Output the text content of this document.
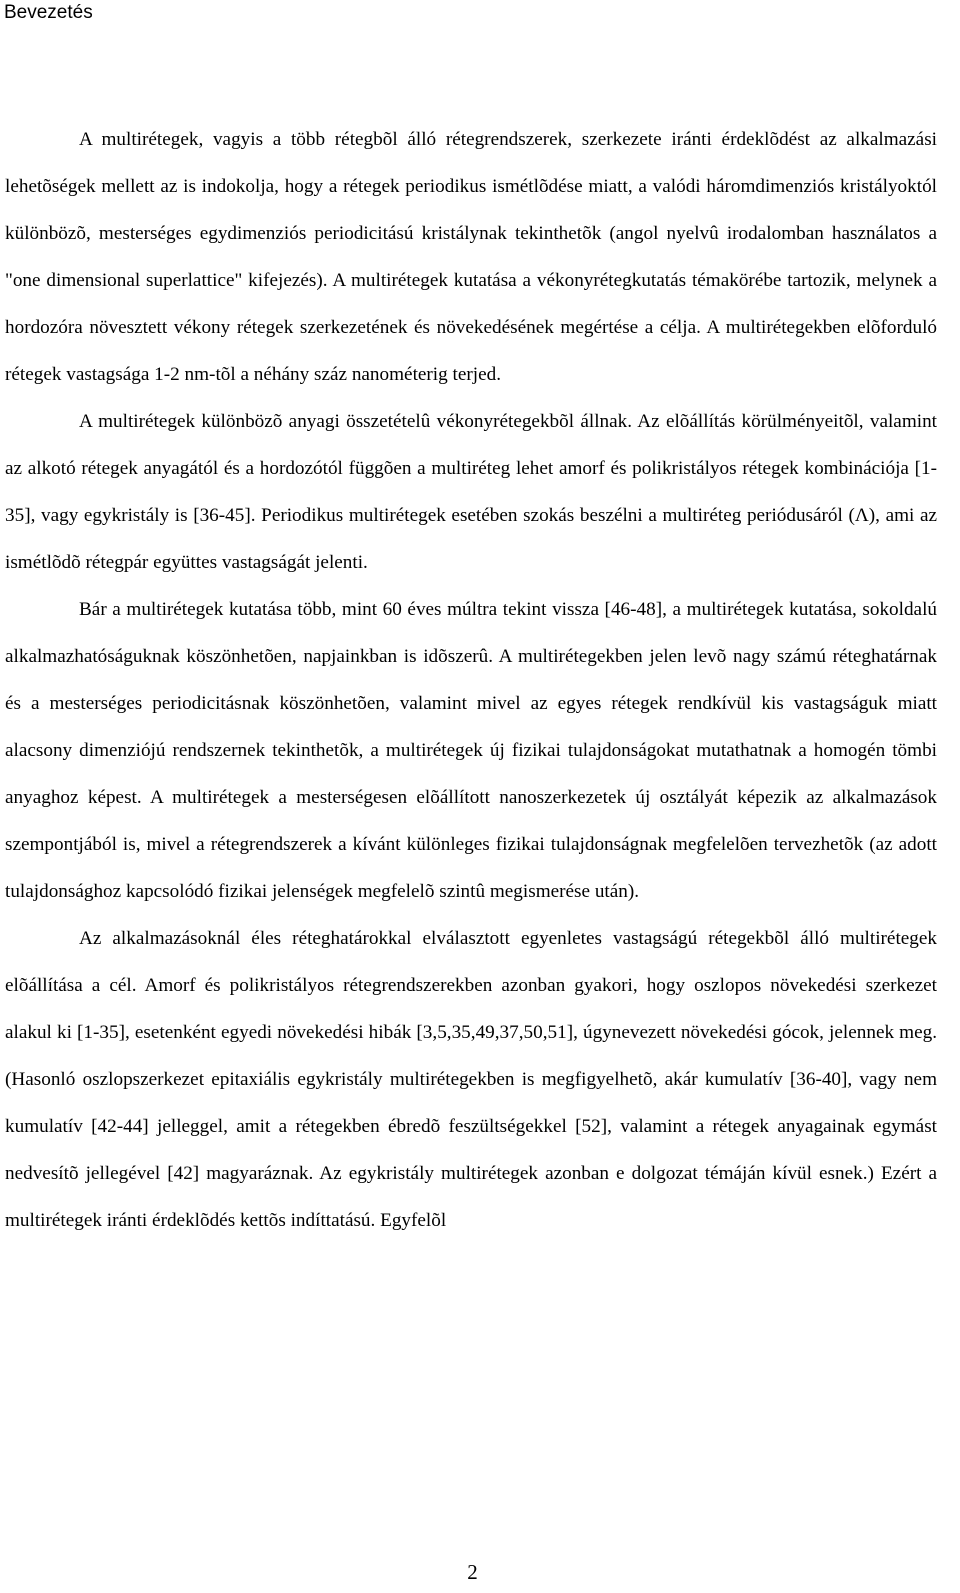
Bevezetés

A multirétegek, vagyis a több rétegbõl álló rétegrendszerek, szerkezete iránti érdeklõdést az alkalmazási lehetõségek mellett az is indokolja, hogy a rétegek periodikus ismétlõdése miatt, a valódi háromdimenziós kristályoktól különbözõ, mesterséges egydimenziós periodicitású kristálynak tekinthetõk (angol nyelvû irodalomban használatos a "one dimensional superlattice" kifejezés). A multirétegek kutatása a vékonyrétegkutatás témakörébe tartozik, melynek a hordozóra növesztett vékony rétegek szerkezetének és növekedésének megértése a célja. A multirétegekben elõforduló rétegek vastagsága 1-2 nm-tõl a néhány száz nanométerig terjed.

A multirétegek különbözõ anyagi összetételû vékonyrétegekbõl állnak. Az elõállítás körülményeitõl, valamint az alkotó rétegek anyagától és a hordozótól függõen a multiréteg lehet amorf és polikristályos rétegek kombinációja [1-35], vagy egykristály is [36-45]. Periodikus multirétegek esetében szokás beszélni a multiréteg periódusáról (Λ), ami az ismétlõdõ rétegpár együttes vastagságát jelenti.

Bár a multirétegek kutatása több, mint 60 éves múltra tekint vissza [46-48], a multirétegek kutatása, sokoldalú alkalmazhatóságuknak köszönhetõen, napjainkban is idõszerû. A multirétegekben jelen levõ nagy számú réteghatárnak és a mesterséges periodicitásnak köszönhetõen, valamint mivel az egyes rétegek rendkívül kis vastagságuk miatt alacsony dimenziójú rendszernek tekinthetõk, a multirétegek új fizikai tulajdonságokat mutathatnak a homogén tömbi anyaghoz képest. A multirétegek a mesterségesen elõállított nanoszerkezetek új osztályát képezik az alkalmazások szempontjából is, mivel a rétegrendszerek a kívánt különleges fizikai tulajdonságnak megfelelõen tervezhetõk (az adott tulajdonsághoz kapcsolódó fizikai jelenségek megfelelõ szintû megismerése után).

Az alkalmazásoknál éles réteghatárokkal elválasztott egyenletes vastagságú rétegekbõl álló multirétegek elõállítása a cél. Amorf és polikristályos rétegrendszerekben azonban gyakori, hogy oszlopos növekedési szerkezet alakul ki [1-35], esetenként egyedi növekedési hibák [3,5,35,49,37,50,51], úgynevezett növekedési gócok, jelennek meg. (Hasonló oszlopszerkezet epitaxiális egykristály multirétegekben is megfigyelhetõ, akár kumulatív [36-40], vagy nem kumulatív [42-44] jelleggel, amit a rétegekben ébredõ feszültségekkel [52], valamint a rétegek anyagainak egymást nedvesítõ jellegével [42] magyaráznak. Az egykristály multirétegek azonban e dolgozat témáján kívül esnek.) Ezért a multirétegek iránti érdeklõdés kettõs indíttatású. Egyfelõl

2
